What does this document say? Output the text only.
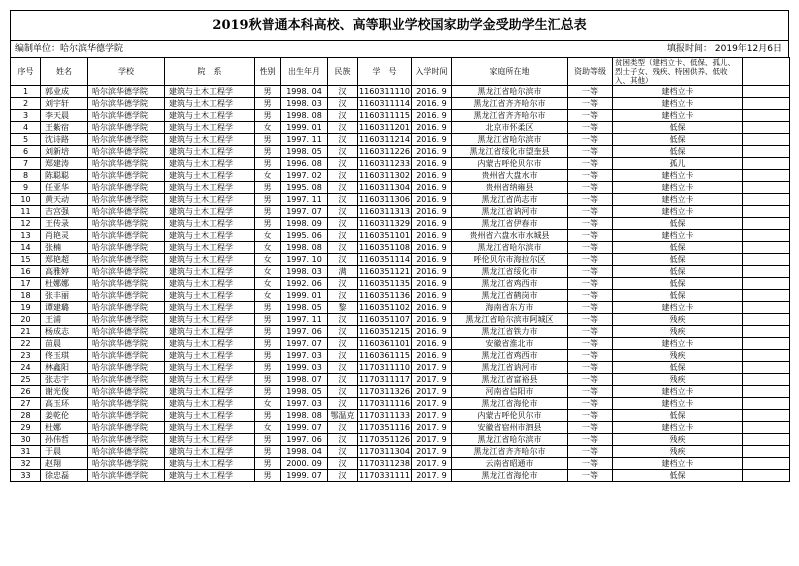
2019秋普通本科高校、高等职业学校国家助学金受助学生汇总表
编制单位：哈尔滨华德学院	填报时间： 2019年12月6日
序号	姓名	学校	院　系	性别	出生年月	民族	学　号	入学时间	家庭所在地	资助等级	贫困类型（建档立卡、低保、孤儿、烈士子女、残疾、特困供养、低收入、其他）	
1	郭业成	哈尔滨华德学院	建筑与土木工程学	男	1998. 04	汉	1160311110	2016. 9	黑龙江省哈尔滨市	一等	建档立卡	
2	刘宇轩	哈尔滨华德学院	建筑与土木工程学	男	1998. 03	汉	1160311114	2016. 9	黑龙江省齐齐哈尔市	一等	建档立卡	
3	李天晨	哈尔滨华德学院	建筑与土木工程学	男	1998. 08	汉	1160311115	2016. 9	黑龙江省齐齐哈尔市	一等	建档立卡	
4	王紫宿	哈尔滨华德学院	建筑与土木工程学	女	1999. 01	汉	1160311201	2016. 9	北京市怀柔区	一等	低保	
5	沈诗路	哈尔滨华德学院	建筑与土木工程学	男	1997. 11	汉	1160311214	2016. 9	黑龙江省哈尔滨市	一等	低保	
6	刘新培	哈尔滨华德学院	建筑与土木工程学	男	1998. 05	汉	1160311226	2016. 9	黑龙江省绥化市望奎县	一等	低保	
7	郑建涛	哈尔滨华德学院	建筑与土木工程学	男	1996. 08	汉	1160311233	2016. 9	内蒙古呼伦贝尔市	一等	孤儿	
8	陈聪聪	哈尔滨华德学院	建筑与土木工程学	女	1997. 02	汉	1160311302	2016. 9	贵州省大盘水市	一等	建档立卡	
9	任亚华	哈尔滨华德学院	建筑与土木工程学	男	1995. 08	汉	1160311304	2016. 9	贵州省纳雍县	一等	建档立卡	
10	黄天动	哈尔滨华德学院	建筑与土木工程学	男	1997. 11	汉	1160311306	2016. 9	黑龙江省尚志市	一等	建档立卡	
11	吉宫强	哈尔滨华德学院	建筑与土木工程学	男	1997. 07	汉	1160311313	2016. 9	黑龙江省讷河市	一等	建档立卡	
12	王传录	哈尔滨华德学院	建筑与土木工程学	男	1998. 09	汉	1160311329	2016. 9	黑龙江省伊春市	一等	低保	
13	肖艳灵	哈尔滨华德学院	建筑与土木工程学	女	1995. 06	汉	1160351101	2016. 9	贵州省六盘水市水城县	一等	建档立卡	
14	张楠	哈尔滨华德学院	建筑与土木工程学	女	1998. 08	汉	1160351108	2016. 9	黑龙江省哈尔滨市	一等	低保	
15	郑艳超	哈尔滨华德学院	建筑与土木工程学	女	1997. 10	汉	1160351114	2016. 9	呼伦贝尔市海拉尔区	一等	低保	
16	高雅婷	哈尔滨华德学院	建筑与土木工程学	女	1998. 03	满	1160351121	2016. 9	黑龙江省绥化市	一等	低保	
17	杜娜娜	哈尔滨华德学院	建筑与土木工程学	女	1992. 06	汉	1160351135	2016. 9	黑龙江省鸡西市	一等	低保	
18	张丰丽	哈尔滨华德学院	建筑与土木工程学	女	1999. 01	汉	1160351136	2016. 9	黑龙江省鹤岗市	一等	低保	
19	谭建璐	哈尔滨华德学院	建筑与土木工程学	男	1998. 05	黎	1160351102	2016. 9	海南省东方市	一等	建档立卡	
20	王浦	哈尔滨华德学院	建筑与土木工程学	男	1997. 11	汉	1160351107	2016. 9	黑龙江省哈尔滨市阿城区	一等	残疾	
21	杨成志	哈尔滨华德学院	建筑与土木工程学	男	1997. 06	汉	1160351215	2016. 9	黑龙江省铁力市	一等	残疾	
22	苗晨	哈尔滨华德学院	建筑与土木工程学	男	1997. 07	汉	1160361101	2016. 9	安徽省淮北市	一等	建档立卡	
23	佟玉琪	哈尔滨华德学院	建筑与土木工程学	男	1997. 03	汉	1160361115	2016. 9	黑龙江省鸡西市	一等	残疾	
24	林鑫阳	哈尔滨华德学院	建筑与土木工程学	男	1999. 03	汉	1170311110	2017. 9	黑龙江省讷河市	一等	低保	
25	张志宇	哈尔滨华德学院	建筑与土木工程学	男	1998. 07	汉	1170311117	2017. 9	黑龙江省富裕县	一等	残疾	
26	谢光俊	哈尔滨华德学院	建筑与土木工程学	男	1998. 05	汉	1170311326	2017. 9	河南省信阳市	一等	建档立卡	
27	高玉环	哈尔滨华德学院	建筑与土木工程学	女	1997. 03	汉	1170311116	2017. 9	黑龙江省海伦市	一等	建档立卡	
28	姜乾伦	哈尔滨华德学院	建筑与土木工程学	男	1998. 08	鄂温克	1170311133	2017. 9	内蒙古呼伦贝尔市	一等	低保	
29	杜娜	哈尔滨华德学院	建筑与土木工程学	女	1999. 07	汉	1170351116	2017. 9	安徽省宿州市泗县	一等	建档立卡	
30	孙伟哲	哈尔滨华德学院	建筑与土木工程学	男	1997. 06	汉	1170351126	2017. 9	黑龙江省哈尔滨市	一等	残疾	
31	于晨	哈尔滨华德学院	建筑与土木工程学	男	1998. 04	汉	1170311304	2017. 9	黑龙江省齐齐哈尔市	一等	残疾	
32	赵翔	哈尔滨华德学院	建筑与土木工程学	男	2000. 09	汉	1170311238	2017. 9	云南省昭通市	一等	建档立卡	
33	徐忠磊	哈尔滨华德学院	建筑与土木工程学	男	1999. 07	汉	1170331111	2017. 9	黑龙江省海伦市	一等	低保	
